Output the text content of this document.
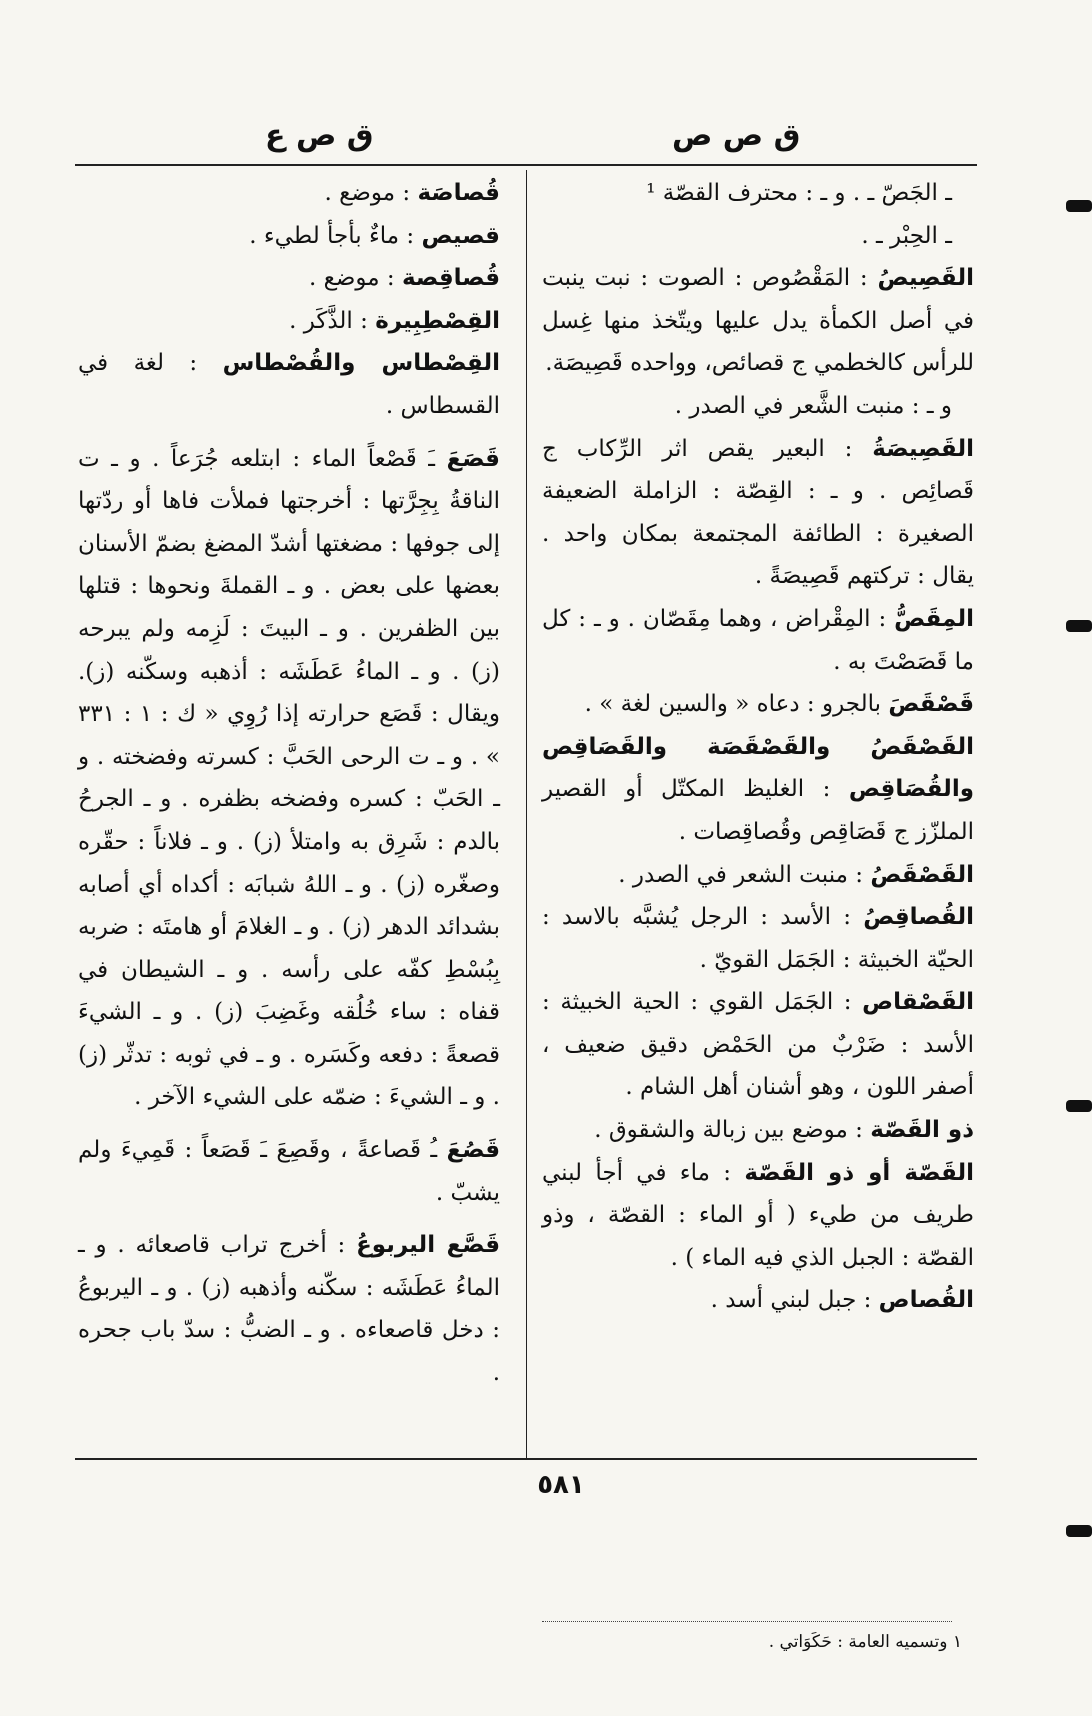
ق ص ع	ق ص ص

ـ الجَصّ ـ . و ـ : محترف القصّة ¹

ـ الحِبْر ـ .

القَصِيصُ : المَقْصُوص : الصوت : نبت ينبت في أصل الكمأة يدل عليها ويتّخذ منها غِسل للرأس كالخطمي ج قصائص، وواحده قَصِيصَة.

و ـ : منبت الشَّعر في الصدر .

القَصِيصَةُ : البعير يقص اثر الرِّكاب ج قَصائِص . و ـ : القِصّة : الزاملة الضعيفة الصغيرة : الطائفة المجتمعة بمكان واحد . يقال : تركتهم قَصِيصَةً .

المِقَصُّ : المِقْراض ، وهما مِقَصّان . و ـ : كل ما قَصَصْتَ به .

قَصْقَصَ بالجرو : دعاه « والسين لغة » .

القَصْقَصُ والقَصْقَصَة والقَصَاقِص والقُصَاقِص : الغليظ المكتّل أو القصير الملزّز ج قَصَاقِص وقُصاقِصات .

القَصْقَصُ : منبت الشعر في الصدر .

القُصاقِصُ : الأسد : الرجل يُشبَّه بالاسد : الحيّة الخبيثة : الجَمَل القويّ .

القَصْقاص : الجَمَل القوي : الحية الخبيثة : الأسد : ضَرْبٌ من الحَمْض دقيق ضعيف ، أصفر اللون ، وهو أشنان أهل الشام .

ذو القَصّة : موضع بين زبالة والشقوق .

القَصّة أو ذو القَصّة : ماء في أجأ لبني طريف من طيء ( أو الماء : القصّة ، وذو القصّة : الجبل الذي فيه الماء ) .

القُصاص : جبل لبني أسد .

قُصاصَة : موضع .

قصيص : ماءٌ بأجأ لطيء .

قُصاقِصة : موضع .

القِصْطِبِيرة : الذَّكَر .

القِصْطاس والقُصْطاس : لغة في القسطاس .

قَصَعَ ـَ قَصْعاً الماء : ابتلعه جُرَعاً . و ـ ت الناقةُ بِجِرَّتها : أخرجتها فملأت فاها أو ردّتها إلى جوفها : مضغتها أشدّ المضغ بضمّ الأسنان بعضها على بعض . و ـ القملةَ ونحوها : قتلها بين الظفرين . و ـ البيتَ : لَزِمه ولم يبرحه (ز) . و ـ الماءُ عَطَشَه : أذهبه وسكّنه (ز). ويقال : قَصَع حرارته إذا رُوِي « ك : ١ : ٣٣١ » . و ـ ت الرحى الحَبَّ : كسرته وفضخته . و ـ الحَبّ : كسره وفضخه بظفره . و ـ الجرحُ بالدم : شَرِق به وامتلأ (ز) . و ـ فلاناً : حقّره وصغّره (ز) . و ـ اللهُ شبابَه : أكداه أي أصابه بشدائد الدهر (ز) . و ـ الغلامَ أو هامتَه : ضربه بِبُسْطِ كفّه على رأسه . و ـ الشيطان في قفاه : ساء خُلُقه وغَضِبَ (ز) . و ـ الشيءَ قصعةً : دفعه وكَسَره . و ـ في ثوبه : تدثّر (ز) . و ـ الشيءَ : ضمّه على الشيء الآخر .

قَصُعَ ـُ قَصاعةً ، وقَصِعَ ـَ قَصَعاً : قَمِيءَ ولم يشبّ .

قَصَّع اليربوعُ : أخرج تراب قاصعائه . و ـ الماءُ عَطَشَه : سكّنه وأذهبه (ز) . و ـ اليربوعُ : دخل قاصعاءه . و ـ الضبُّ : سدّ باب جحره .

١ وتسميه العامة : حَكَوَاتي .
٥٨١
